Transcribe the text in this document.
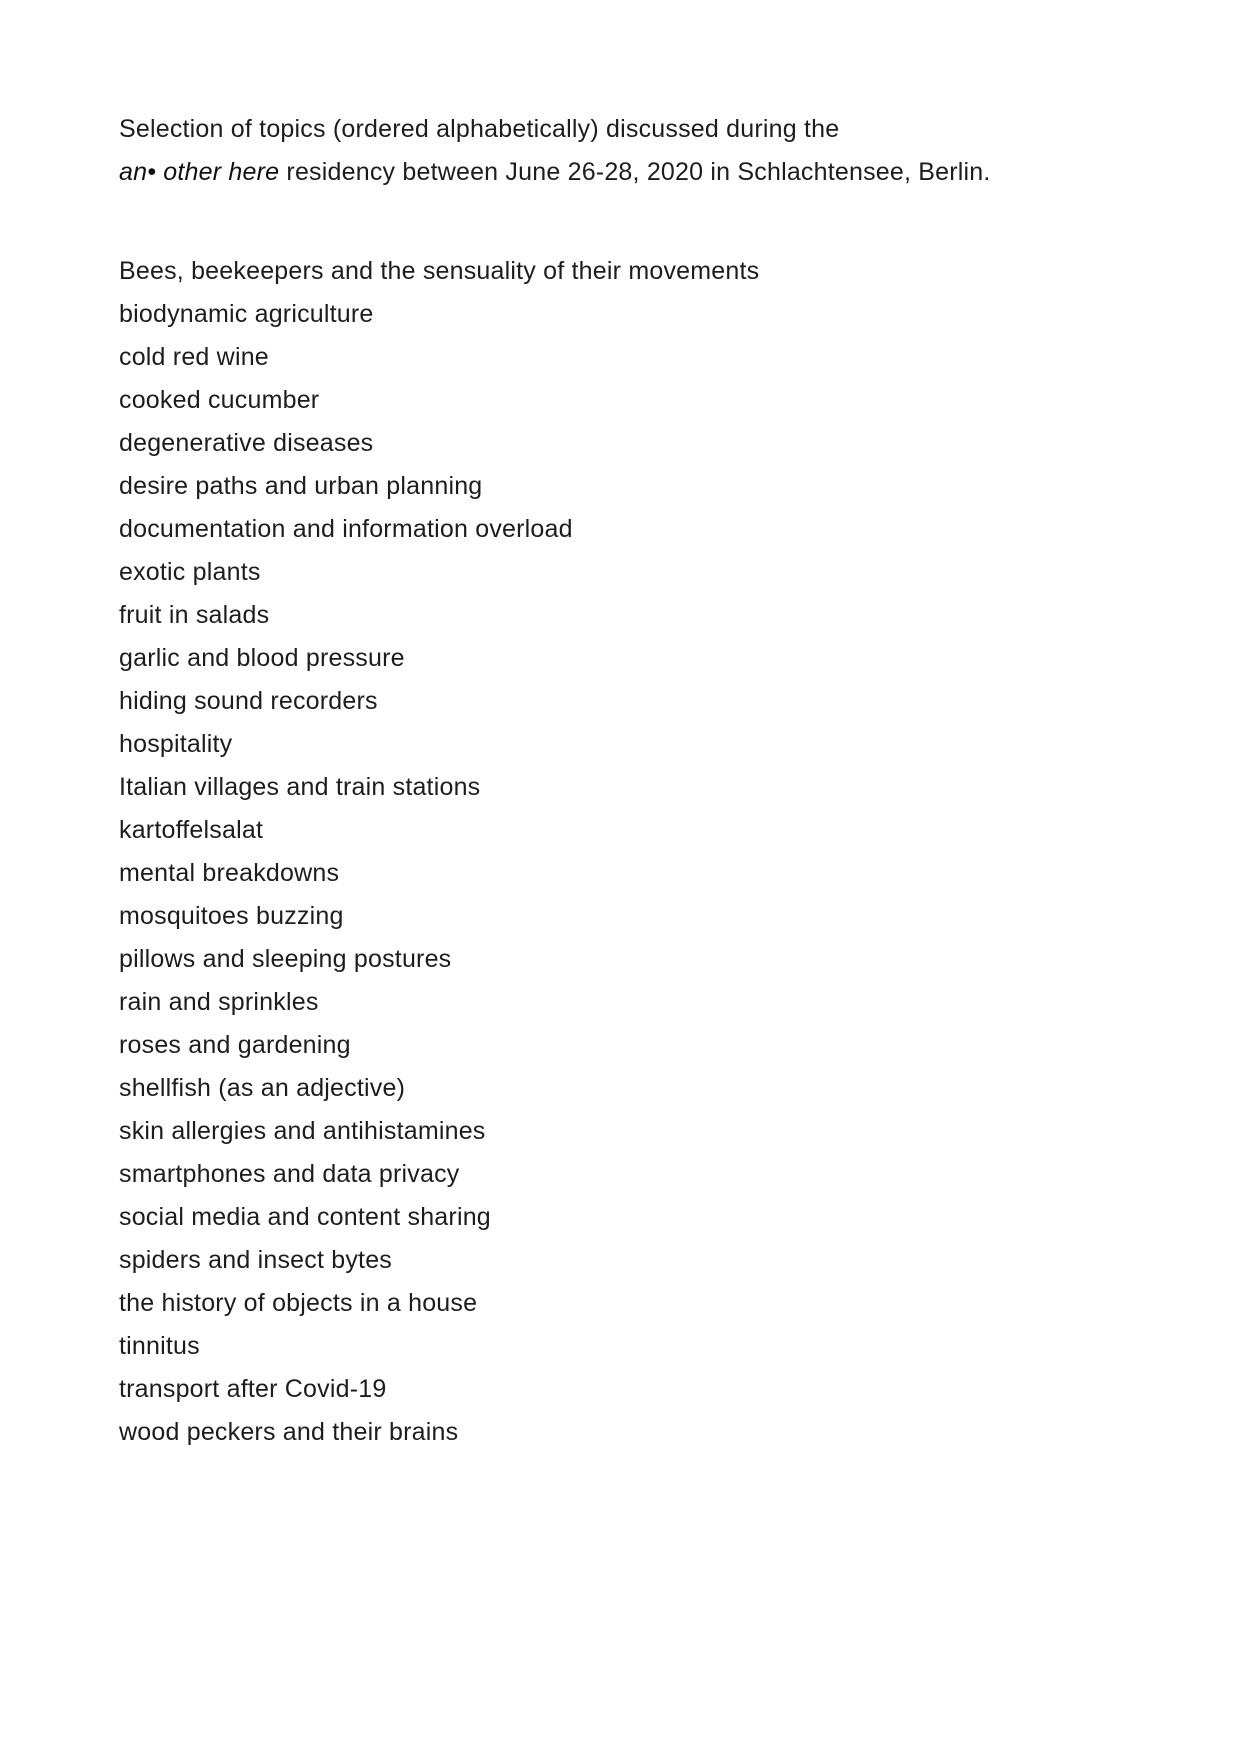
Selection of topics (ordered alphabetically) discussed during the
an• other here residency between June 26-28, 2020 in Schlachtensee, Berlin.

Bees, beekeepers and the sensuality of their movements
biodynamic agriculture
cold red wine
cooked cucumber
degenerative diseases
desire paths and urban planning
documentation and information overload
exotic plants
fruit in salads
garlic and blood pressure
hiding sound recorders
hospitality
Italian villages and train stations
kartoffelsalat
mental breakdowns
mosquitoes buzzing
pillows and sleeping postures
rain and sprinkles
roses and gardening
shellfish (as an adjective)
skin allergies and antihistamines
smartphones and data privacy
social media and content sharing
spiders and insect bytes
the history of objects in a house
tinnitus
transport after Covid-19
wood peckers and their brains
